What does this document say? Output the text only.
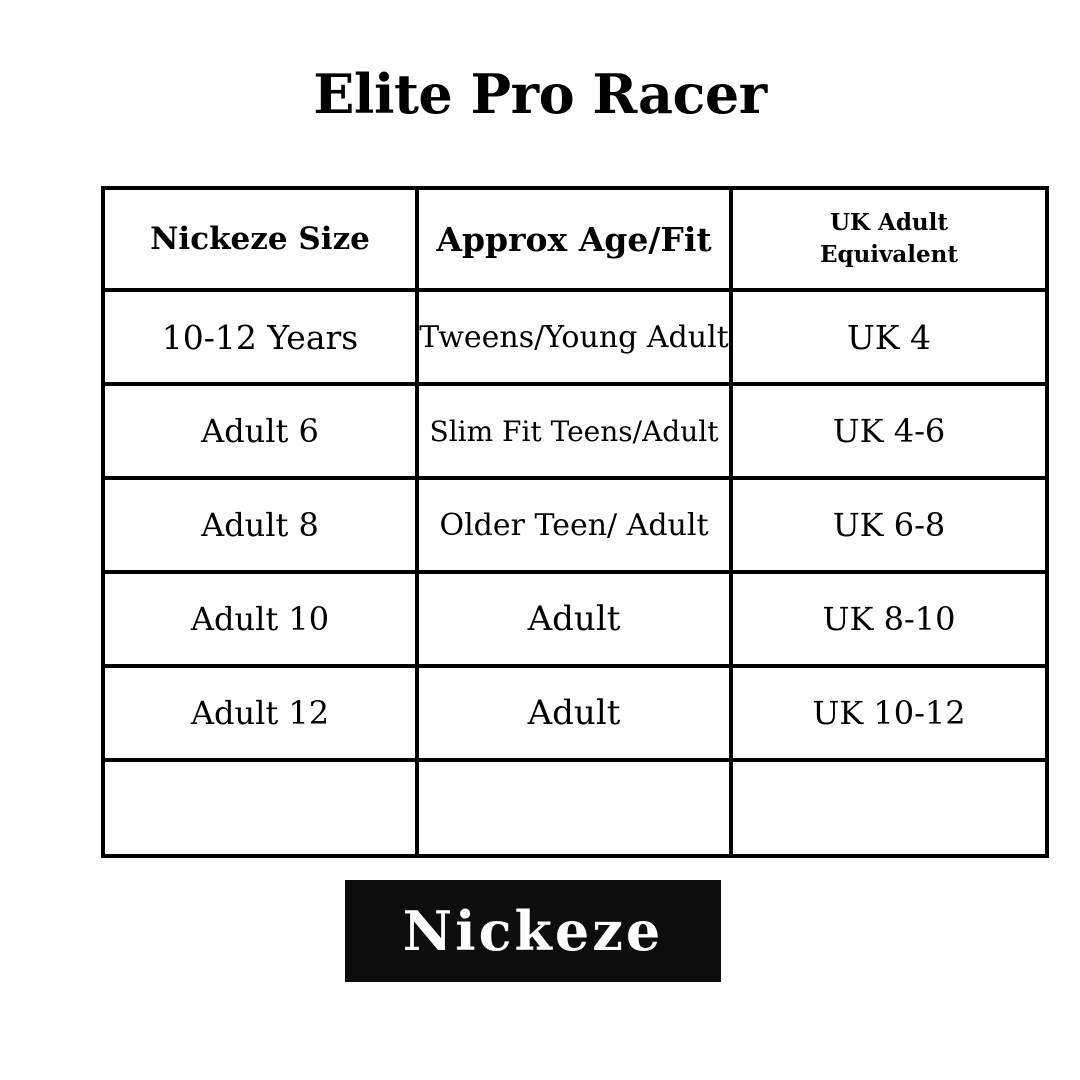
Elite Pro Racer
Nickeze Size	Approx Age/Fit	UK Adult
Equivalent

10-12 Years	Tweens/Young Adult	UK 4
Adult 6	Slim Fit Teens/Adult	UK 4-6
Adult 8	Older Teen/ Adult	UK 6-8
Adult 10	Adult	UK 8-10
Adult 12	Adult	UK 10-12

Nickeze
